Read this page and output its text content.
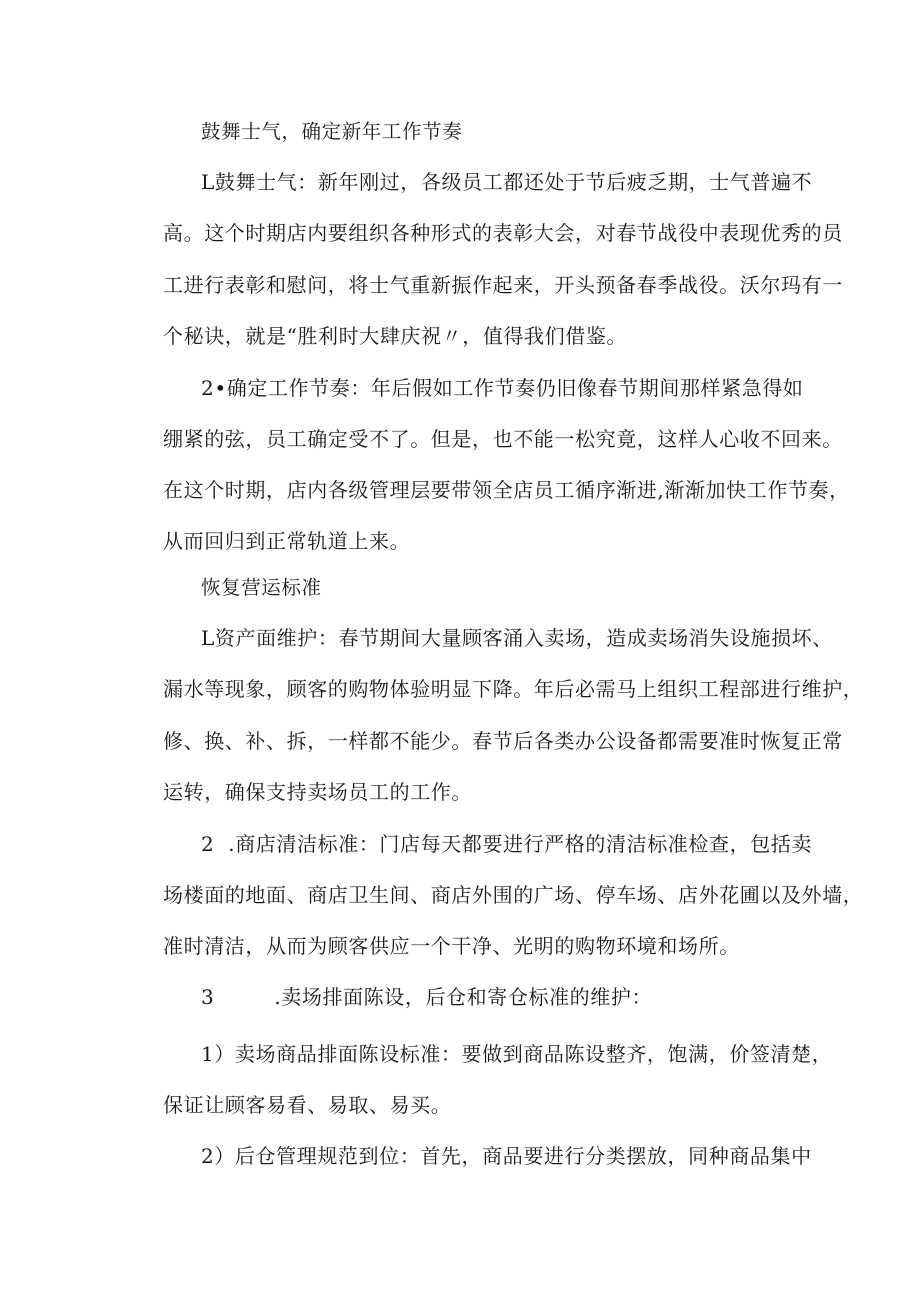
鼓舞士气，确定新年工作节奏
L鼓舞士气：新年刚过，各级员工都还处于节后疲乏期，士气普遍不
高。这个时期店内要组织各种形式的表彰大会，对春节战役中表现优秀的员
工进行表彰和慰问，将士气重新振作起来，开头预备春季战役。沃尔玛有一
个秘诀，就是“胜利时大肆庆祝〃，值得我们借鉴。
2•确定工作节奏：年后假如工作节奏仍旧像春节期间那样紧急得如
绷紧的弦，员工确定受不了。但是，也不能一松究竟，这样人心收不回来。
在这个时期，店内各级管理层要带领全店员工循序渐进,渐渐加快工作节奏，
从而回归到正常轨道上来。
恢复营运标准
L资产面维护：春节期间大量顾客涌入卖场，造成卖场消失设施损坏、
漏水等现象，顾客的购物体验明显下降。年后必需马上组织工程部进行维护，
修、换、补、拆，一样都不能少。春节后各类办公设备都需要准时恢复正常
运转，确保支持卖场员工的工作。
2  .商店清洁标准：门店每天都要进行严格的清洁标准检查，包括卖
场楼面的地面、商店卫生间、商店外围的广场、停车场、店外花圃以及外墙，
准时清洁，从而为顾客供应一个干净、光明的购物环境和场所。
3	.卖场排面陈设，后仓和寄仓标准的维护：
1）卖场商品排面陈设标准：要做到商品陈设整齐，饱满，价签清楚，
保证让顾客易看、易取、易买。
2）后仓管理规范到位：首先，商品要进行分类摆放，同种商品集中
